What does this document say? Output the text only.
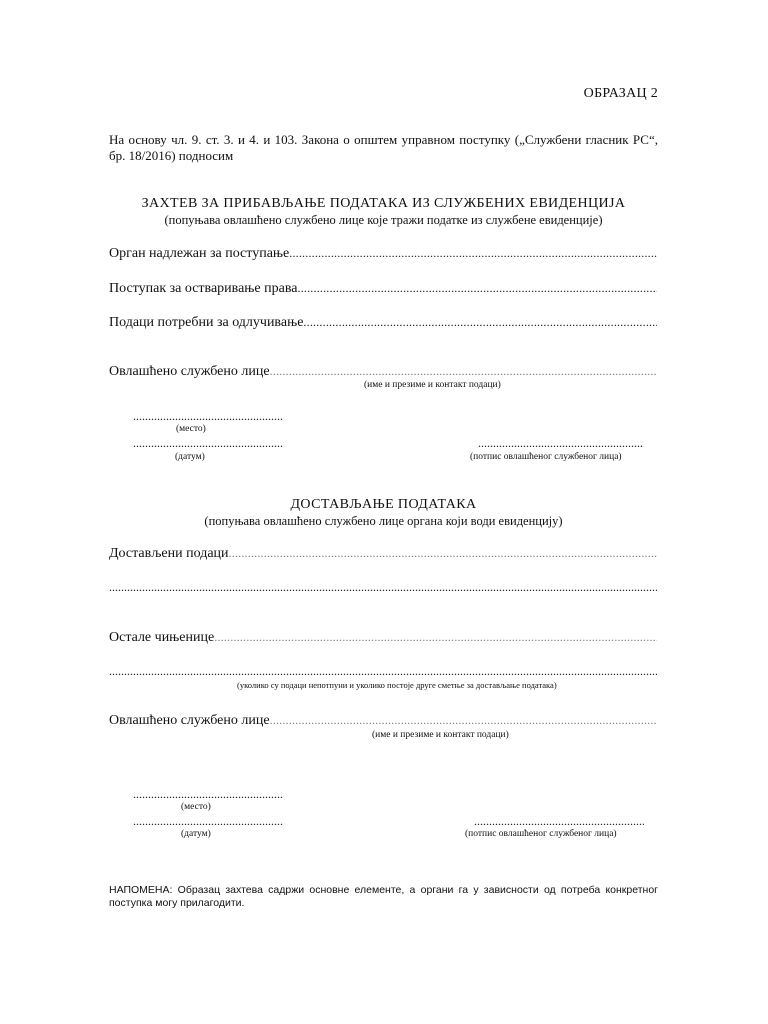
ОБРАЗАЦ 2
На основу чл. 9. ст. 3. и 4. и 103. Закона о општем управном поступку („Службени гласник РС“, бр. 18/2016) подносим
ЗАХТЕВ ЗА ПРИБАВЉАЊЕ ПОДАТАКА ИЗ СЛУЖБЕНИХ ЕВИДЕНЦИЈА
(попуњава овлашћено службено лице које тражи податке из службене евиденције)
Орган надлежан за поступање
.....
Поступак за остваривање права
.....
Подаци потребни за одлучивање
.....
Овлашћено службено лице
.....
(име и презиме и контакт подаци)
.....
(место)
.....
.....
(датум)	(потпис овлашћеног службеног лица)
ДОСТАВЉАЊЕ ПОДАТАКА
(попуњава овлашћено службено лице органа који води евиденцију)
Достављени подаци
.....
.....
Остале чињенице
.....
.....
(уколико су подаци непотпуни и уколико постоје друге сметње за достављање података)
Овлашћено службено лице
.....
(име и презиме и контакт подаци)
.....
(место)
.....
.....
(датум)	(потпис овлашћеног службеног лица)
НАПОМЕНА: Образац захтева садржи основне елементе, а органи га у зависности од потреба конкретног поступка могу прилагодити.
